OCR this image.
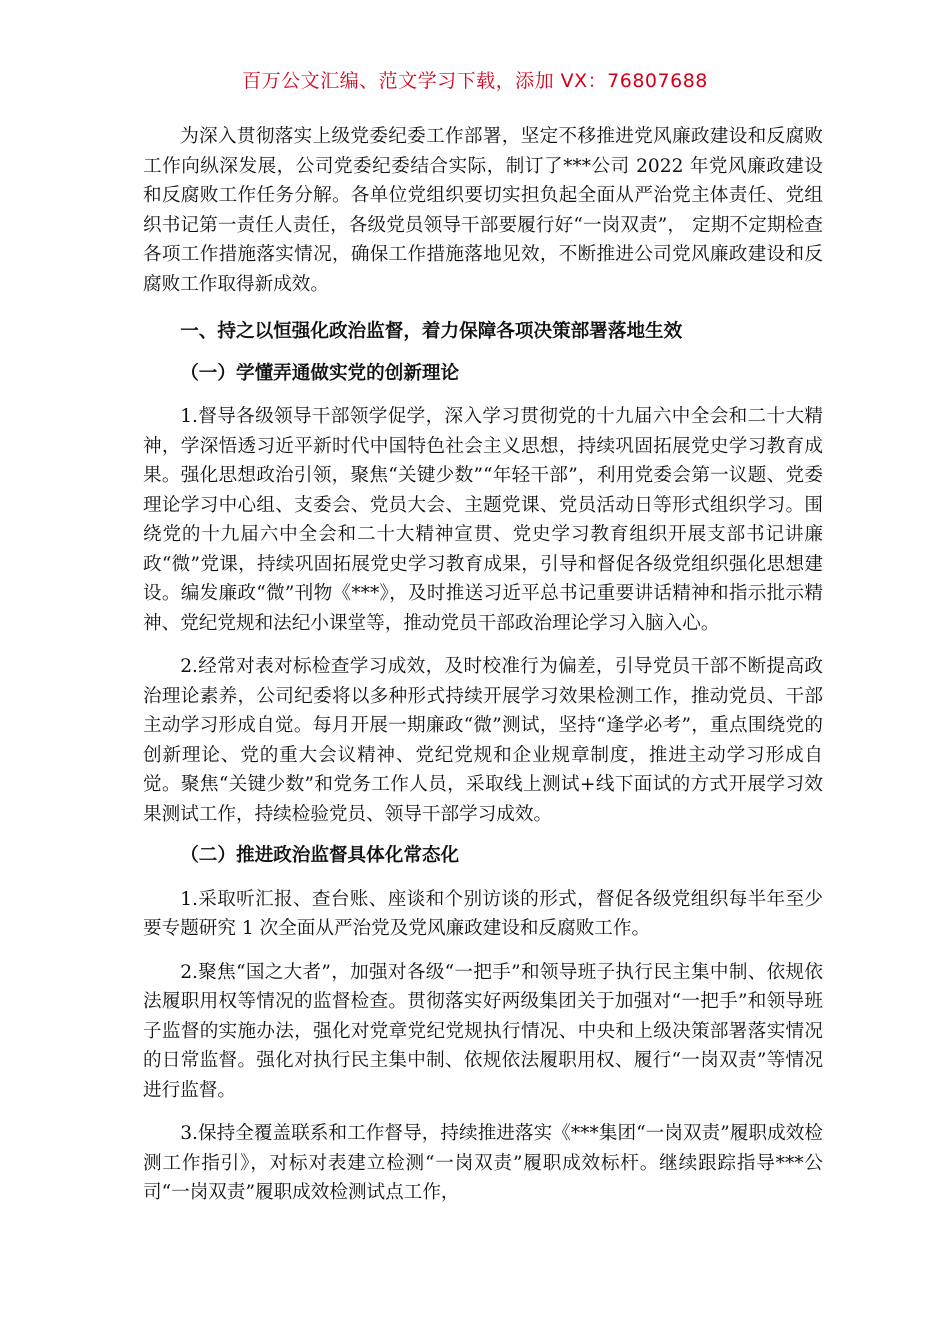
百万公文汇编、范文学习下载，添加 VX：76807688

为深入贯彻落实上级党委纪委工作部署，坚定不移推进党风廉政建设和反腐败工作向纵深发展，公司党委纪委结合实际，制订了***公司 2022 年党风廉政建设和反腐败工作任务分解。各单位党组织要切实担负起全面从严治党主体责任、党组织书记第一责任人责任，各级党员领导干部要履行好“一岗双责”， 定期不定期检查各项工作措施落实情况，确保工作措施落地见效，不断推进公司党风廉政建设和反腐败工作取得新成效。

一、持之以恒强化政治监督，着力保障各项决策部署落地生效

（一）学懂弄通做实党的创新理论

1.督导各级领导干部领学促学，深入学习贯彻党的十九届六中全会和二十大精神，学深悟透习近平新时代中国特色社会主义思想，持续巩固拓展党史学习教育成果。强化思想政治引领，聚焦“关键少数”“年轻干部”，利用党委会第一议题、党委理论学习中心组、支委会、党员大会、主题党课、党员活动日等形式组织学习。围绕党的十九届六中全会和二十大精神宣贯、党史学习教育组织开展支部书记讲廉政“微”党课，持续巩固拓展党史学习教育成果，引导和督促各级党组织强化思想建设。编发廉政“微”刊物《***》，及时推送习近平总书记重要讲话精神和指示批示精神、党纪党规和法纪小课堂等，推动党员干部政治理论学习入脑入心。

2.经常对表对标检查学习成效，及时校准行为偏差，引导党员干部不断提高政治理论素养，公司纪委将以多种形式持续开展学习效果检测工作，推动党员、干部主动学习形成自觉。每月开展一期廉政“微”测试，坚持“逢学必考”，重点围绕党的创新理论、党的重大会议精神、党纪党规和企业规章制度，推进主动学习形成自觉。聚焦“关键少数”和党务工作人员，采取线上测试+线下面试的方式开展学习效果测试工作，持续检验党员、领导干部学习成效。

（二）推进政治监督具体化常态化

1.采取听汇报、查台账、座谈和个别访谈的形式，督促各级党组织每半年至少要专题研究 1 次全面从严治党及党风廉政建设和反腐败工作。

2.聚焦“国之大者”，加强对各级“一把手”和领导班子执行民主集中制、依规依法履职用权等情况的监督检查。贯彻落实好两级集团关于加强对“一把手”和领导班子监督的实施办法，强化对党章党纪党规执行情况、中央和上级决策部署落实情况的日常监督。强化对执行民主集中制、依规依法履职用权、履行“一岗双责”等情况进行监督。

3.保持全覆盖联系和工作督导，持续推进落实《***集团“一岗双责”履职成效检测工作指引》，对标对表建立检测“一岗双责”履职成效标杆。继续跟踪指导***公司“一岗双责”履职成效检测试点工作，
